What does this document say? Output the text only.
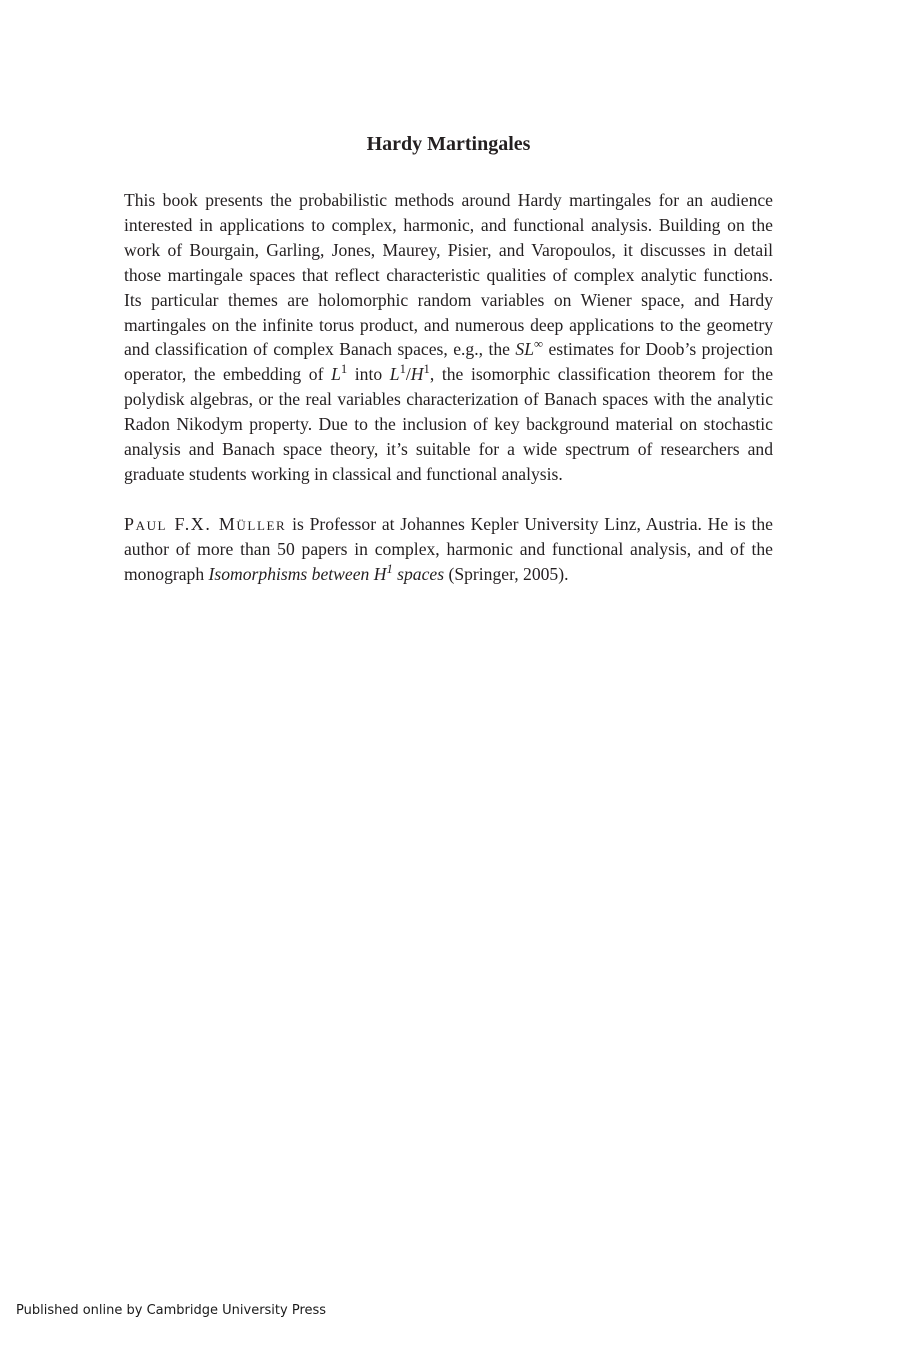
Hardy Martingales

This book presents the probabilistic methods around Hardy martingales for an audience interested in applications to complex, harmonic, and functional analysis. Building on the work of Bourgain, Garling, Jones, Maurey, Pisier, and Varopoulos, it discusses in detail those martingale spaces that reflect characteristic qualities of complex analytic functions. Its particular themes are holomorphic random variables on Wiener space, and Hardy martingales on the infinite torus product, and numerous deep applications to the geometry and classification of complex Banach spaces, e.g., the SL∞ estimates for Doob’s projection operator, the embedding of $L^1$ into $L^1/H^1$, the isomorphic classification theorem for the polydisk algebras, or the real variables characterization of Banach spaces with the analytic Radon Nikodym property. Due to the inclusion of key background material on stochastic analysis and Banach space theory, it’s suitable for a wide spectrum of researchers and graduate students working in classical and functional analysis.

Paul F.X. Müller is Professor at Johannes Kepler University Linz, Austria. He is the author of more than 50 papers in complex, harmonic and functional analysis, and of the monograph Isomorphisms between $H^1$ spaces (Springer, 2005).

Published online by Cambridge University Press
